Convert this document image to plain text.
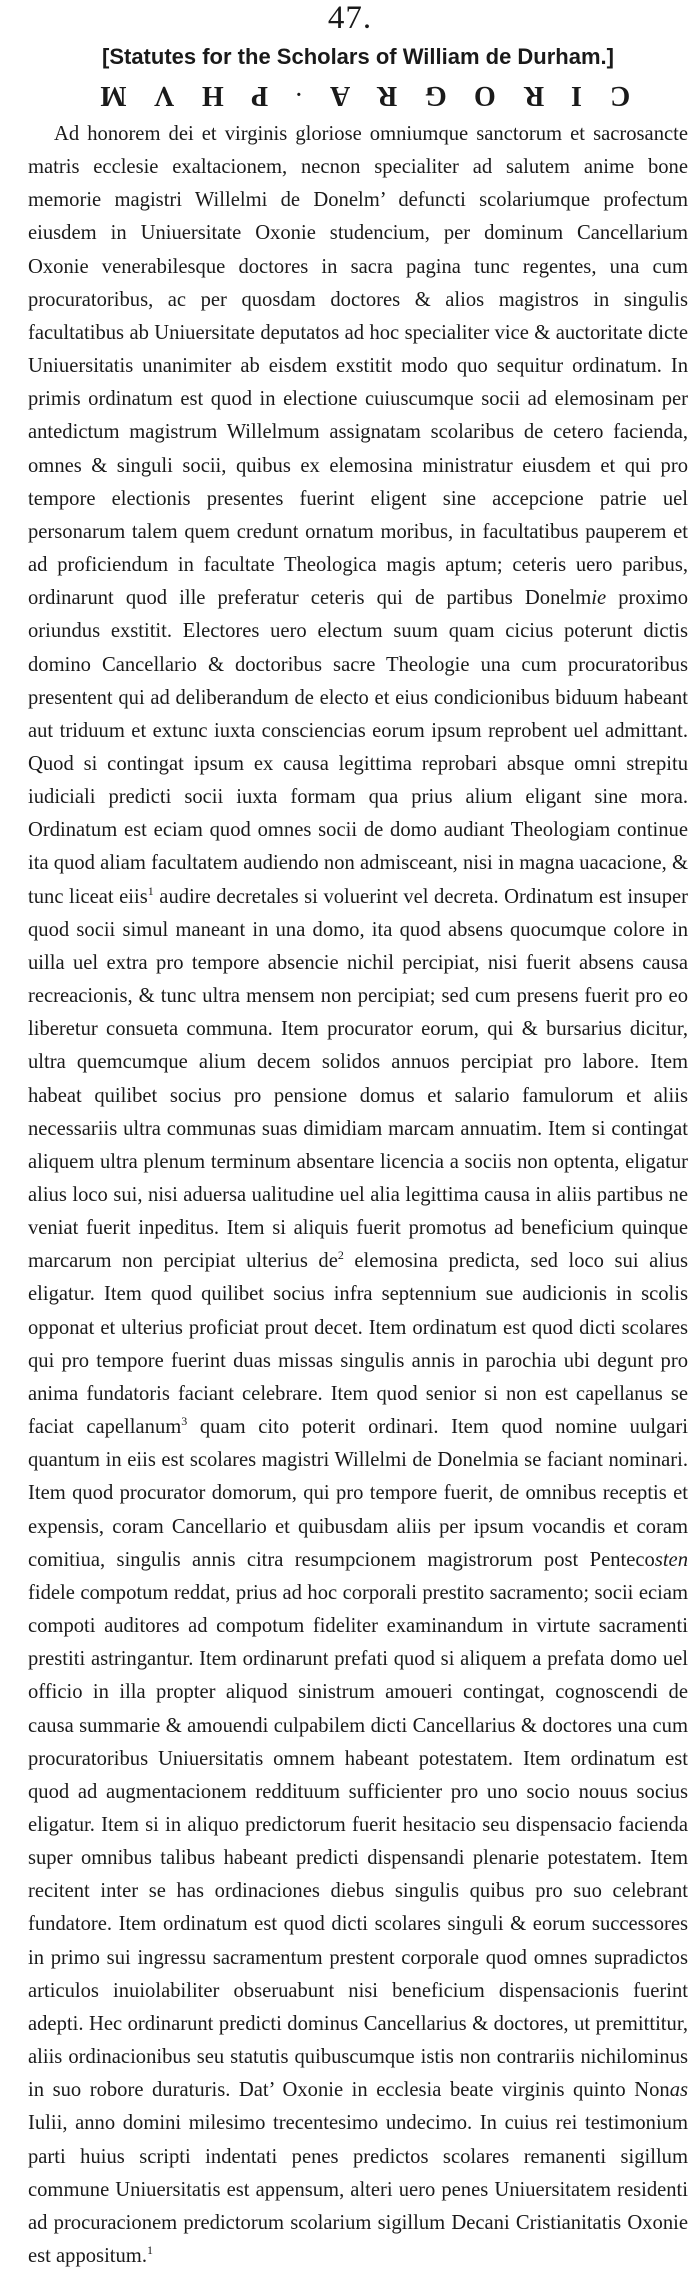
47.
[Statutes for the Scholars of William de Durham.]
M V H P · A R G O R I C

Ad honorem dei et virginis gloriose omniumque sanctorum et sacrosancte matris ecclesie exaltacionem, necnon specialiter ad salutem anime bone memorie magistri Willelmi de Donelm’ defuncti scolariumque profectum eiusdem in Uniuersitate Oxonie studencium, per dominum Cancellarium Oxonie venerabilesque doctores in sacra pagina tunc regentes, una cum procuratoribus, ac per quosdam doctores & alios magistros in singulis facultatibus ab Uniuersitate deputatos ad hoc specialiter vice & auctoritate dicte Uniuersitatis unanimiter ab eisdem exstitit modo quo sequitur ordinatum. In primis ordinatum est quod in electione cuiuscumque socii ad elemosinam per antedictum magistrum Willelmum assignatam scolaribus de cetero facienda, omnes & singuli socii, quibus ex elemosina ministratur eiusdem et qui pro tempore electionis presentes fuerint eligent sine accepcione patrie uel personarum talem quem credunt ornatum moribus, in facultatibus pauperem et ad proficiendum in facultate Theologica magis aptum; ceteris uero paribus, ordinarunt quod ille preferatur ceteris qui de partibus Donelmie proximo oriundus exstitit. Electores uero electum suum quam cicius poterunt dictis domino Cancellario & doctoribus sacre Theologie una cum procuratoribus presentent qui ad deliberandum de electo et eius condicionibus biduum habeant aut triduum et extunc iuxta consciencias eorum ipsum reprobent uel admittant. Quod si contingat ipsum ex causa legittima reprobari absque omni strepitu iudiciali predicti socii iuxta formam qua prius alium eligant sine mora. Ordinatum est eciam quod omnes socii de domo audiant Theologiam continue ita quod aliam facultatem audiendo non admisceant, nisi in magna uacacione, & tunc liceat eiis$^1$ audire decretales si voluerint vel decreta. Ordinatum est insuper quod socii simul maneant in una domo, ita quod absens quocumque colore in uilla uel extra pro tempore absencie nichil percipiat, nisi fuerit absens causa recreacionis, & tunc ultra mensem non percipiat; sed cum presens fuerit pro eo liberetur consueta communa. Item procurator eorum, qui & bursarius dicitur, ultra quemcumque alium decem solidos annuos percipiat pro labore. Item habeat quilibet socius pro pensione domus et salario famulorum et aliis necessariis ultra communas suas dimidiam marcam annuatim. Item si contingat aliquem ultra plenum terminum absentare licencia a sociis non optenta, eligatur alius loco sui, nisi aduersa ualitudine uel alia legittima causa in aliis partibus ne veniat fuerit inpeditus. Item si aliquis fuerit promotus ad beneficium quinque marcarum non percipiat ulterius $de^2$ elemosina predicta, sed loco sui alius eligatur. Item quod quilibet socius infra septennium sue audicionis in scolis opponat et ulterius proficiat prout decet. Item ordinatum est quod dicti scolares qui pro tempore fuerint duas missas singulis annis in parochia ubi degunt pro anima fundatoris faciant celebrare. Item quod senior si non est capellanus se faciat capellanum$^3$ quam cito poterit ordinari. Item quod nomine uulgari quantum in eiis est scolares magistri Willelmi de Donelmia se faciant nominari. Item quod procurator domorum, qui pro tempore fuerit, de omnibus receptis et expensis, coram Cancellario et quibusdam aliis per ipsum vocandis et coram comitiua, singulis annis citra resumpcionem magistrorum post Pentecosten fidele compotum reddat, prius ad hoc corporali prestito sacramento; socii eciam compoti auditores ad compotum fideliter examinandum in virtute sacramenti prestiti astringantur. Item ordinarunt prefati quod si aliquem a prefata domo uel officio in illa propter aliquod sinistrum amoueri contingat, cognoscendi de causa summarie & amouendi culpabilem dicti Cancellarius & doctores una cum procuratoribus Uniuersitatis omnem habeant potestatem. Item ordinatum est quod ad augmentacionem reddituum sufficienter pro uno socio nouus socius eligatur. Item si in aliquo predictorum fuerit hesitacio seu dispensacio facienda super omnibus talibus habeant predicti dispensandi plenarie potestatem. Item recitent inter se has ordinaciones diebus singulis quibus pro suo celebrant fundatore. Item ordinatum est quod dicti scolares singuli & eorum successores in primo sui ingressu sacramentum prestent corporale quod omnes supradictos articulos inuiolabiliter obseruabunt nisi beneficium dispensacionis fuerint adepti. Hec ordinarunt predicti dominus Cancellarius & doctores, ut premittitur, aliis ordinacionibus seu statutis quibuscumque istis non contrariis nichilominus in suo robore duraturis. Dat’ Oxonie in ecclesia beate virginis quinto Nonas Iulii, anno domini milesimo trecentesimo undecimo. In cuius rei testimonium parti huius scripti indentati penes predictos scolares remanenti sigillum commune Uniuersitatis est appensum, alteri uero penes Uniuersitatem residenti ad procuracionem predictorum scolarium sigillum Decani Cristianitatis Oxonie est appositum.$^1$
